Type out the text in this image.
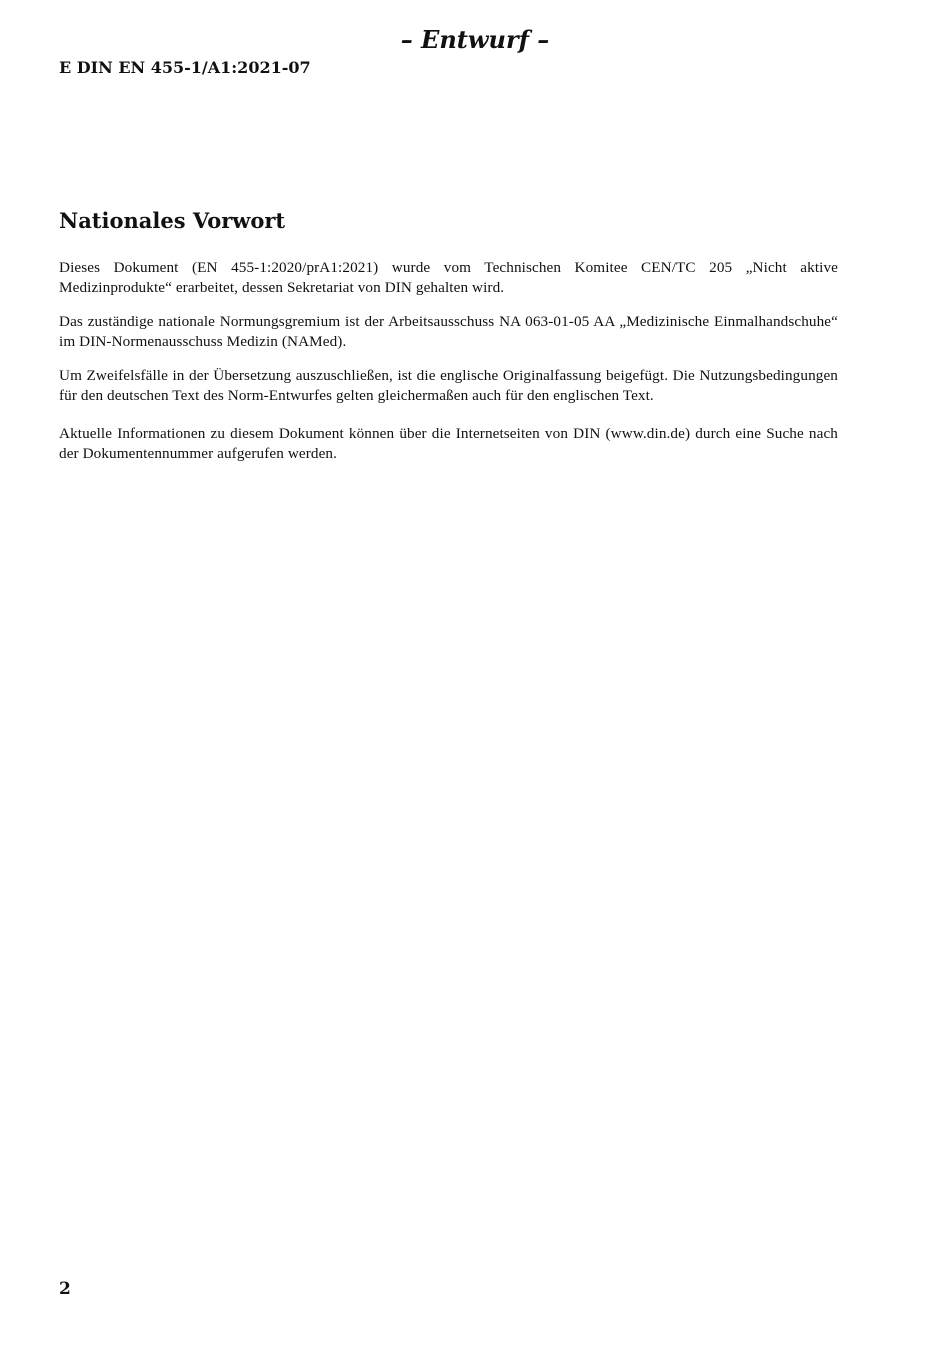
– Entwurf –
E DIN EN 455-1/A1:2021-07
Nationales Vorwort

Dieses Dokument (EN 455-1:2020/prA1:2021) wurde vom Technischen Komitee CEN/TC 205 „Nicht aktive Medizinprodukte“ erarbeitet, dessen Sekretariat von DIN gehalten wird.

Das zuständige nationale Normungsgremium ist der Arbeitsausschuss NA 063-01-05 AA „Medizinische Einmalhandschuhe“ im DIN-Normenausschuss Medizin (NAMed).

Um Zweifelsfälle in der Übersetzung auszuschließen, ist die englische Originalfassung beigefügt. Die Nutzungsbedingungen für den deutschen Text des Norm-Entwurfes gelten gleichermaßen auch für den englischen Text.

Aktuelle Informationen zu diesem Dokument können über die Internetseiten von DIN (www.din.de) durch eine Suche nach der Dokumentennummer aufgerufen werden.

2
